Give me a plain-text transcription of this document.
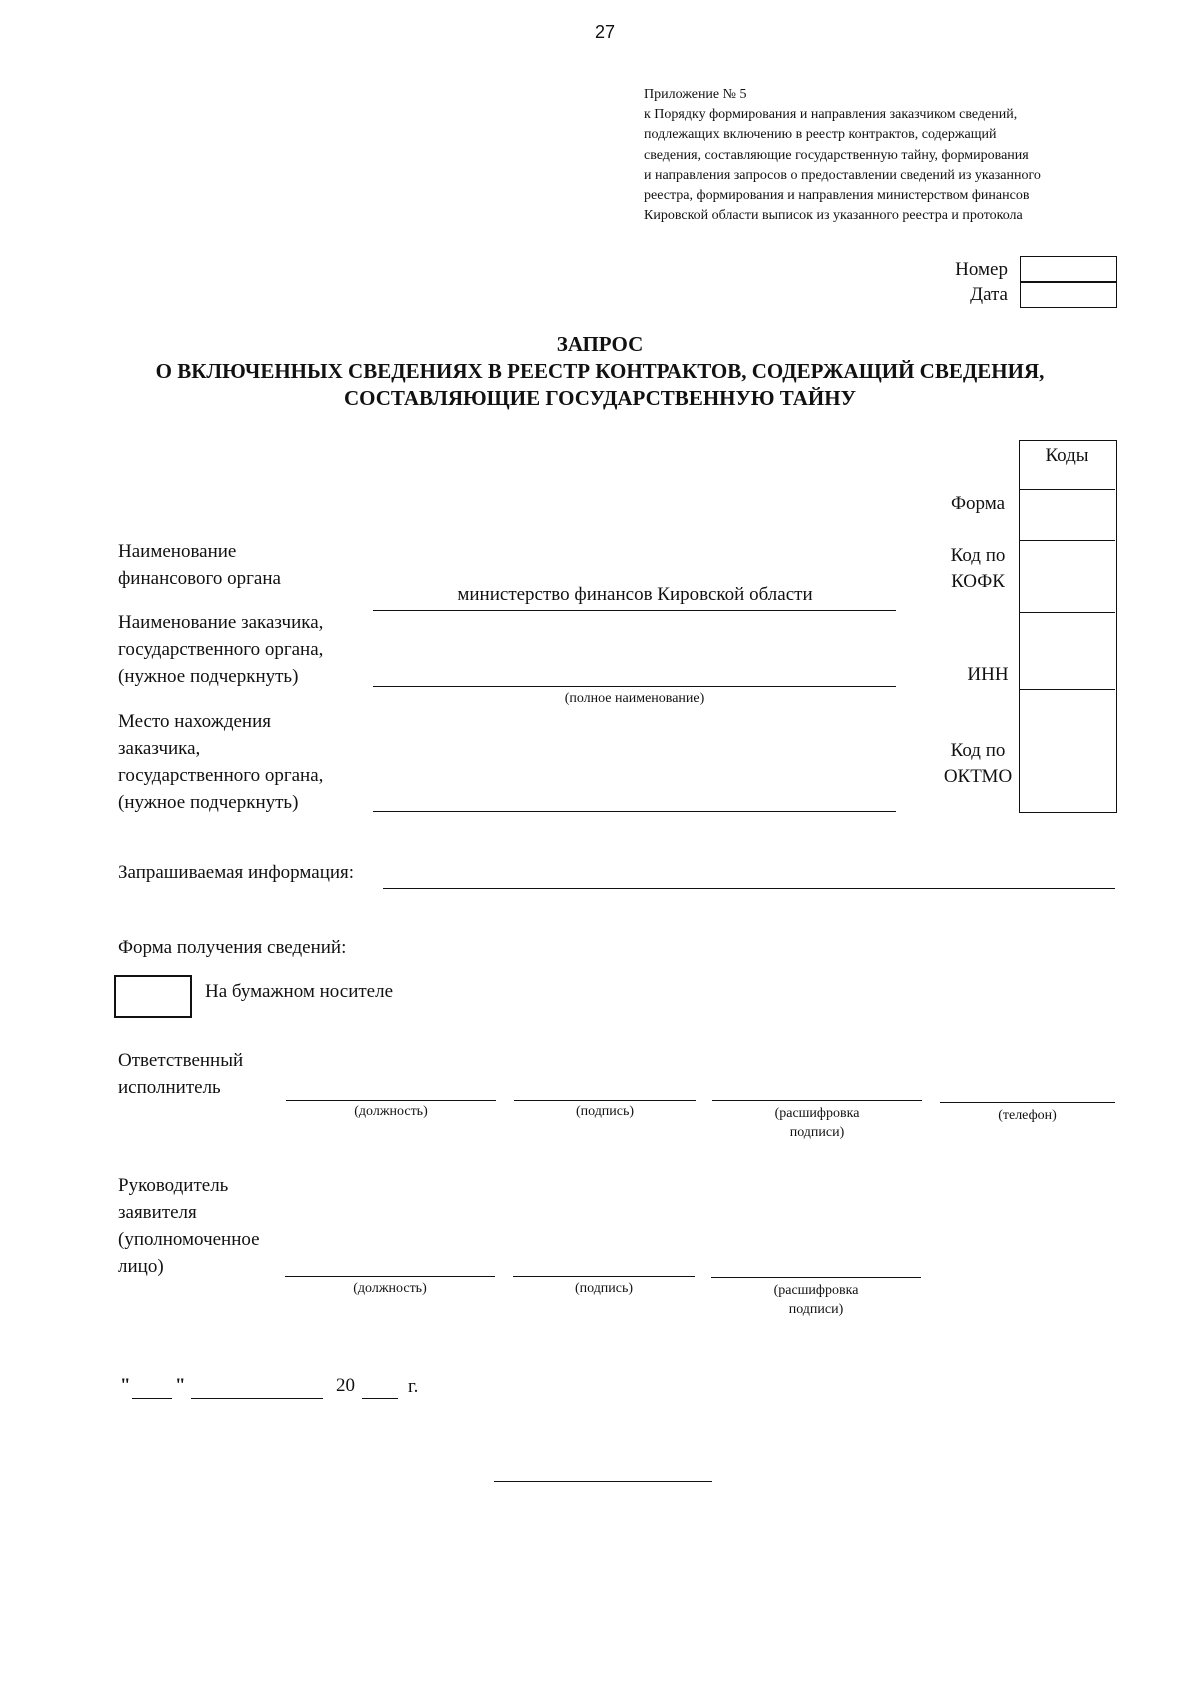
27
Приложение № 5
к Порядку формирования и направления заказчиком сведений,
подлежащих включению в реестр контрактов, содержащий
сведения, составляющие государственную тайну, формирования
и направления запросов о предоставлении сведений из указанного
реестра, формирования и направления министерством финансов
Кировской области выписок из указанного реестра и протокола
Номер
Дата
ЗАПРОС
О ВКЛЮЧЕННЫХ СВЕДЕНИЯХ В РЕЕСТР КОНТРАКТОВ, СОДЕРЖАЩИЙ СВЕДЕНИЯ,
СОСТАВЛЯЮЩИЕ ГОСУДАРСТВЕННУЮ ТАЙНУ
Коды
Форма
Код по
КОФК
ИНН
Код по
ОКТМО
Наименование
финансового органа
министерство финансов Кировской области
Наименование заказчика,
государственного органа,
(нужное подчеркнуть)
(полное наименование)
Место нахождения
заказчика,
государственного органа,
(нужное подчеркнуть)
Запрашиваемая информация:
Форма получения сведений:
На бумажном носителе
Ответственный
исполнитель
(должность)	(подпись)	(расшифровка
подписи)
(телефон)
Руководитель
заявителя
(уполномоченное
лицо)
(должность)	(подпись)	(расшифровка
подписи)
" "	20	г.
